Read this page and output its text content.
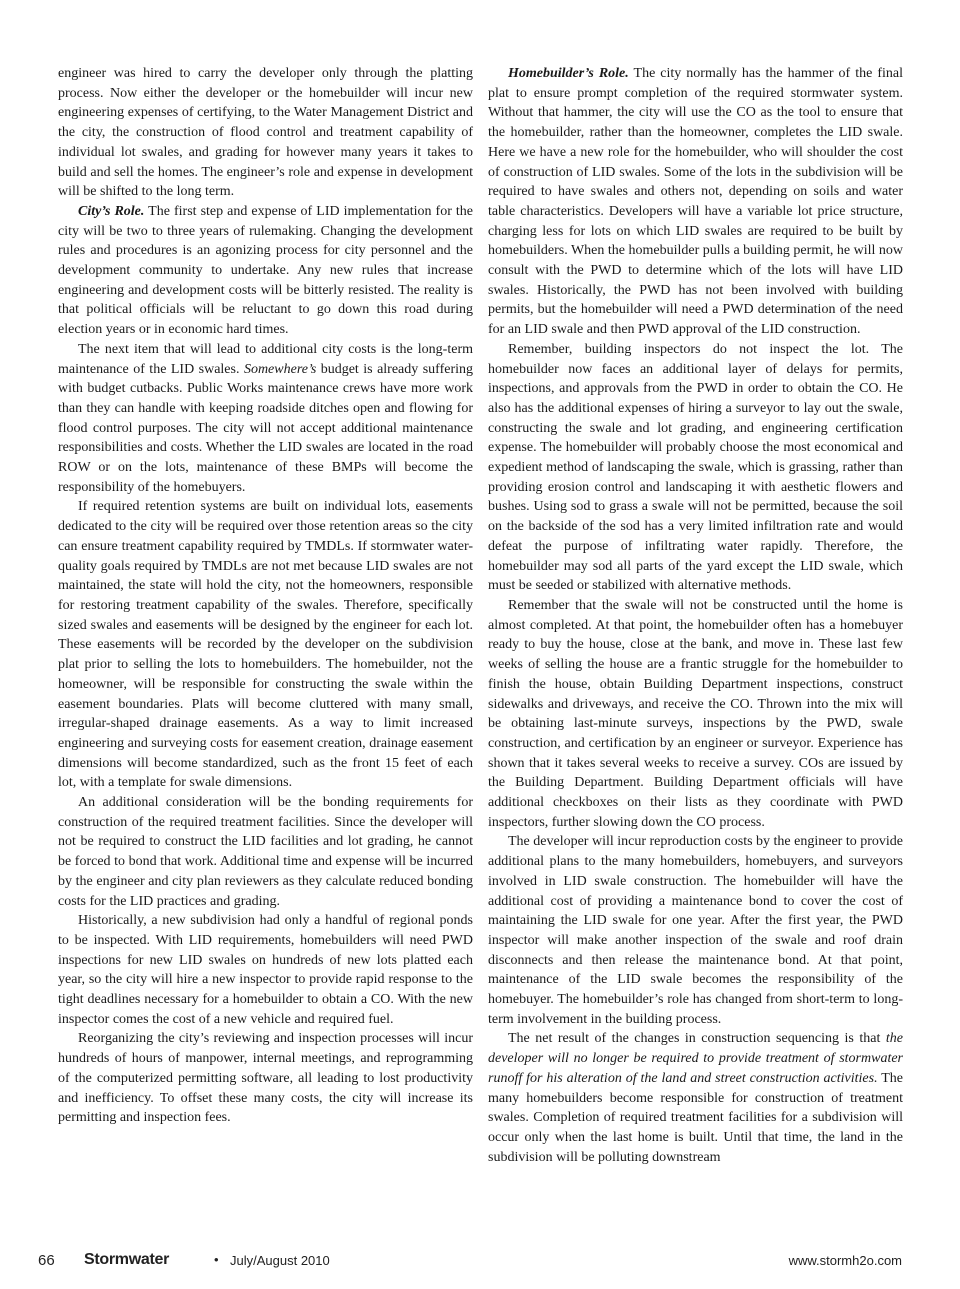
engineer was hired to carry the developer only through the platting process. Now either the developer or the homebuilder will incur new engineering expenses of certifying, to the Water Management District and the city, the construction of flood control and treatment capability of individual lot swales, and grading for however many years it takes to build and sell the homes. The engineer’s role and expense in development will be shifted to the long term.

City’s Role. The first step and expense of LID implementation for the city will be two to three years of rulemaking. Changing the development rules and procedures is an agonizing process for city personnel and the development community to undertake. Any new rules that increase engineering and development costs will be bitterly resisted. The reality is that political officials will be reluctant to go down this road during election years or in economic hard times.

The next item that will lead to additional city costs is the long-term maintenance of the LID swales. Somewhere’s budget is already suffering with budget cutbacks. Public Works maintenance crews have more work than they can handle with keeping roadside ditches open and flowing for flood control purposes. The city will not accept additional maintenance responsibilities and costs. Whether the LID swales are located in the road ROW or on the lots, maintenance of these BMPs will become the responsibility of the homebuyers.

If required retention systems are built on individual lots, easements dedicated to the city will be required over those retention areas so the city can ensure treatment capability required by TMDLs. If stormwater water-quality goals required by TMDLs are not met because LID swales are not maintained, the state will hold the city, not the homeowners, responsible for restoring treatment capability of the swales. Therefore, specifically sized swales and easements will be designed by the engineer for each lot. These easements will be recorded by the developer on the subdivision plat prior to selling the lots to homebuilders. The homebuilder, not the homeowner, will be responsible for constructing the swale within the easement boundaries. Plats will become cluttered with many small, irregular-shaped drainage easements. As a way to limit increased engineering and surveying costs for easement creation, drainage easement dimensions will become standardized, such as the front 15 feet of each lot, with a template for swale dimensions.

An additional consideration will be the bonding requirements for construction of the required treatment facilities. Since the developer will not be required to construct the LID facilities and lot grading, he cannot be forced to bond that work. Additional time and expense will be incurred by the engineer and city plan reviewers as they calculate reduced bonding costs for the LID practices and grading.

Historically, a new subdivision had only a handful of regional ponds to be inspected. With LID requirements, homebuilders will need PWD inspections for new LID swales on hundreds of new lots platted each year, so the city will hire a new inspector to provide rapid response to the tight deadlines necessary for a homebuilder to obtain a CO. With the new inspector comes the cost of a new vehicle and required fuel.

Reorganizing the city’s reviewing and inspection processes will incur hundreds of hours of manpower, internal meetings, and reprogramming of the computerized permitting software, all leading to lost productivity and inefficiency. To offset these many costs, the city will increase its permitting and inspection fees.

Homebuilder’s Role. The city normally has the hammer of the final plat to ensure prompt completion of the required stormwater system. Without that hammer, the city will use the CO as the tool to ensure that the homebuilder, rather than the homeowner, completes the LID swale. Here we have a new role for the homebuilder, who will shoulder the cost of construction of LID swales. Some of the lots in the subdivision will be required to have swales and others not, depending on soils and water table characteristics. Developers will have a variable lot price structure, charging less for lots on which LID swales are required to be built by homebuilders. When the homebuilder pulls a building permit, he will now consult with the PWD to determine which of the lots will have LID swales. Historically, the PWD has not been involved with building permits, but the homebuilder will need a PWD determination of the need for an LID swale and then PWD approval of the LID construction.

Remember, building inspectors do not inspect the lot. The homebuilder now faces an additional layer of delays for permits, inspections, and approvals from the PWD in order to obtain the CO. He also has the additional expenses of hiring a surveyor to lay out the swale, constructing the swale and lot grading, and engineering certification expense. The homebuilder will probably choose the most economical and expedient method of landscaping the swale, which is grassing, rather than providing erosion control and landscaping it with aesthetic flowers and bushes. Using sod to grass a swale will not be permitted, because the soil on the backside of the sod has a very limited infiltration rate and would defeat the purpose of infiltrating water rapidly. Therefore, the homebuilder may sod all parts of the yard except the LID swale, which must be seeded or stabilized with alternative methods.

Remember that the swale will not be constructed until the home is almost completed. At that point, the homebuilder often has a homebuyer ready to buy the house, close at the bank, and move in. These last few weeks of selling the house are a frantic struggle for the homebuilder to finish the house, obtain Building Department inspections, construct sidewalks and driveways, and receive the CO. Thrown into the mix will be obtaining last-minute surveys, inspections by the PWD, swale construction, and certification by an engineer or surveyor. Experience has shown that it takes several weeks to receive a survey. COs are issued by the Building Department. Building Department officials will have additional checkboxes on their lists as they coordinate with PWD inspectors, further slowing down the CO process.

The developer will incur reproduction costs by the engineer to provide additional plans to the many homebuilders, homebuyers, and surveyors involved in LID swale construction. The homebuilder will have the additional cost of providing a maintenance bond to cover the cost of maintaining the LID swale for one year. After the first year, the PWD inspector will make another inspection of the swale and roof drain disconnects and then release the maintenance bond. At that point, maintenance of the LID swale becomes the responsibility of the homebuyer. The homebuilder’s role has changed from short-term to long-term involvement in the building process.

The net result of the changes in construction sequencing is that the developer will no longer be required to provide treatment of stormwater runoff for his alteration of the land and street construction activities. The many homebuilders become responsible for construction of treatment swales. Completion of required treatment facilities for a subdivision will occur only when the last home is built. Until that time, the land in the subdivision will be polluting downstream

66 Stormwater	• July/August 2010	www.stormh2o.com
